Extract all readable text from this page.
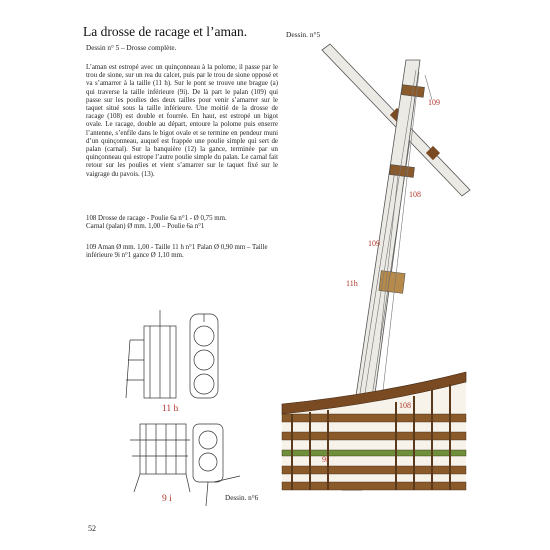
La drosse de racage et l’aman.	Dessin. n°5
Dessin n° 5 – Drosse complète.
L’aman est estropé avec un quinçonneau à la polome, il passe par le trou de sione, sur un rea du calcet, puis par le trou de sione opposé et va s’amarrer à la taille (11 h). Sur le pont se trouve une brague (a) qui traverse la taille inférieure (9i). De là part le palan (109) qui passe sur les poulies des deux tailles pour venir s’amarrer sur le taquet situé sous la taille inférieure. Une moitié de la drosse de racage (108) est double et fourrée. En haut, est estropé un bigot ovale. Le racage, double au départ, entoure la polome puis enserre l’antenne, s’enfile dans le bigot ovale et se termine en pendeur muni d’un quinçonneau, auquel est frappée une poulie simple qui sert de palan (carnal). Sur la banquière (12) la gance, terminée par un quinçonneau qui estrope l’autre poulie simple du palan. Le carnal fait retour sur les poulies et vient s’amarrer sur le taquet fixé sur le vaigrage du pavois. (13).
108 Drosse de racage - Poulie 6a n°1 - Ø 0,75 mm.
Carnal (palan) Ø mm. 1,00 – Poulie 6a n°1
109 Aman Ø mm. 1,00 - Taille 11 h n°1 Palan Ø 0,90 mm – Taille inférieure 9i n°1 gance Ø 1,10 mm.
11 h
9 i	Dessin. n°6
109
108
109
11h
108
9i
52
